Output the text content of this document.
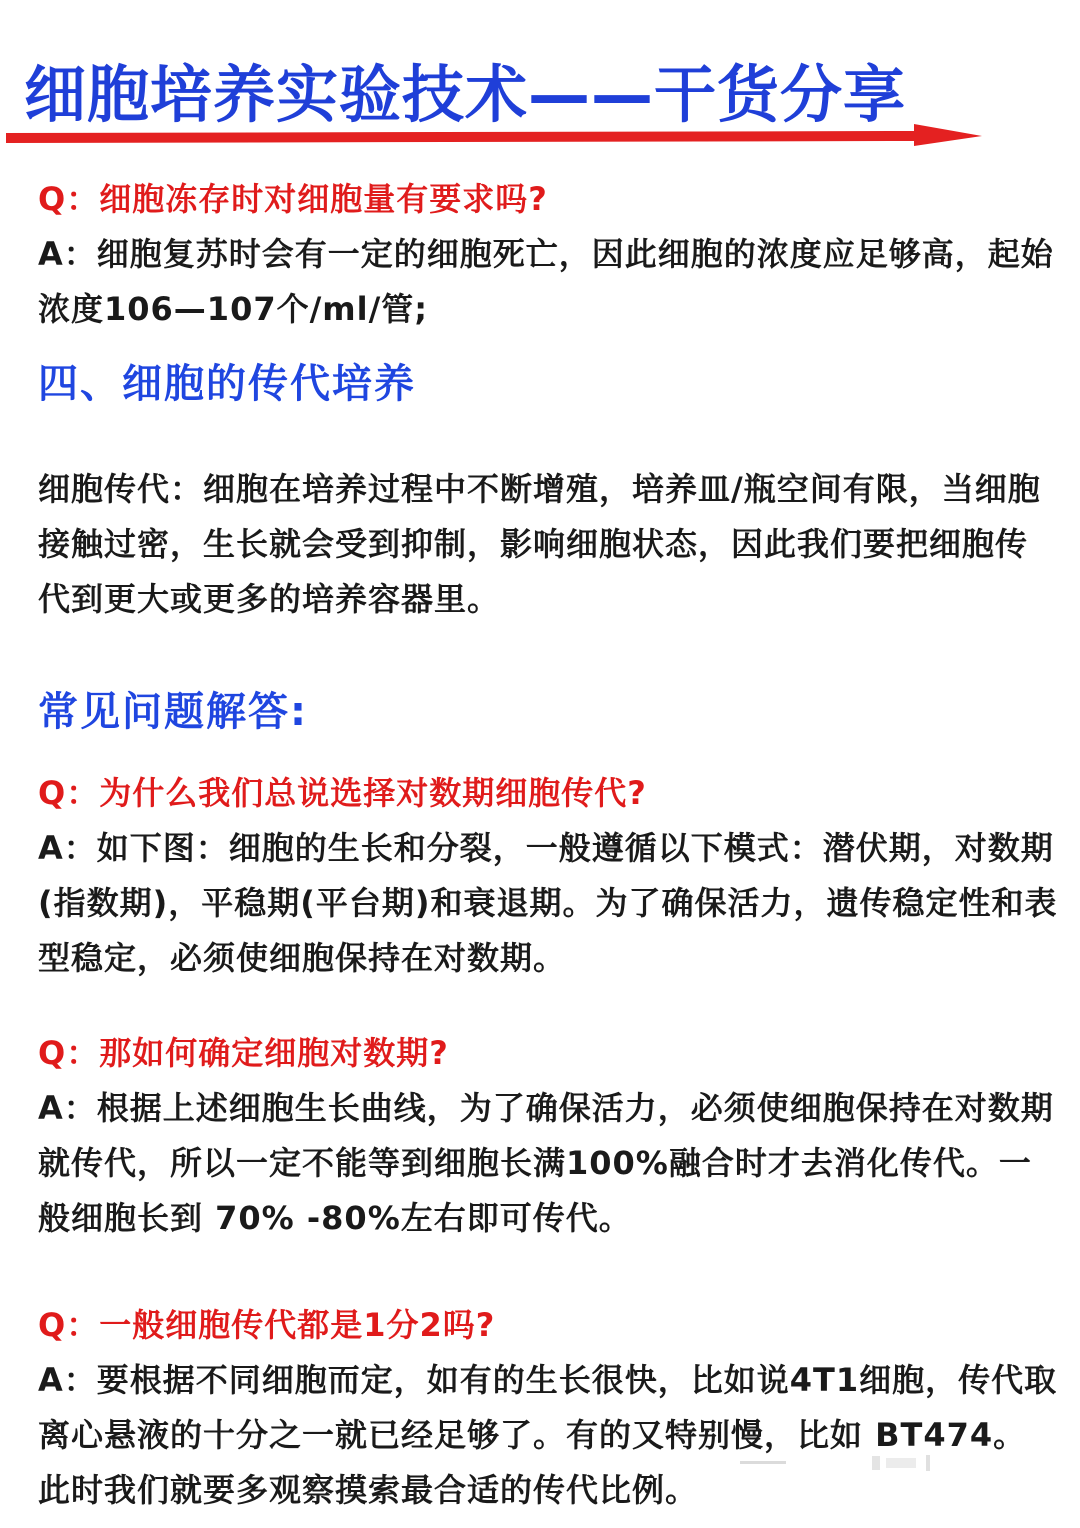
细胞培养实验技术——干货分享
Q：细胞冻存时对细胞量有要求吗?
A：细胞复苏时会有一定的细胞死亡，因此细胞的浓度应足够高，起始浓度106—107个/ml/管;
四、细胞的传代培养
细胞传代：细胞在培养过程中不断增殖，培养皿/瓶空间有限，当细胞接触过密，生长就会受到抑制，影响细胞状态，因此我们要把细胞传代到更大或更多的培养容器里。
常见问题解答:
Q：为什么我们总说选择对数期细胞传代?
A：如下图：细胞的生长和分裂，一般遵循以下模式：潜伏期，对数期(指数期)，平稳期(平台期)和衰退期。为了确保活力，遗传稳定性和表型稳定，必须使细胞保持在对数期。
Q：那如何确定细胞对数期?
A：根据上述细胞生长曲线，为了确保活力，必须使细胞保持在对数期就传代，所以一定不能等到细胞长满100%融合时才去消化传代。一般细胞长到 70% -80%左右即可传代。
Q：一般细胞传代都是1分2吗?
A：要根据不同细胞而定，如有的生长很快，比如说4T1细胞，传代取离心悬液的十分之一就已经足够了。有的又特别慢，比如 BT474。此时我们就要多观察摸索最合适的传代比例。
